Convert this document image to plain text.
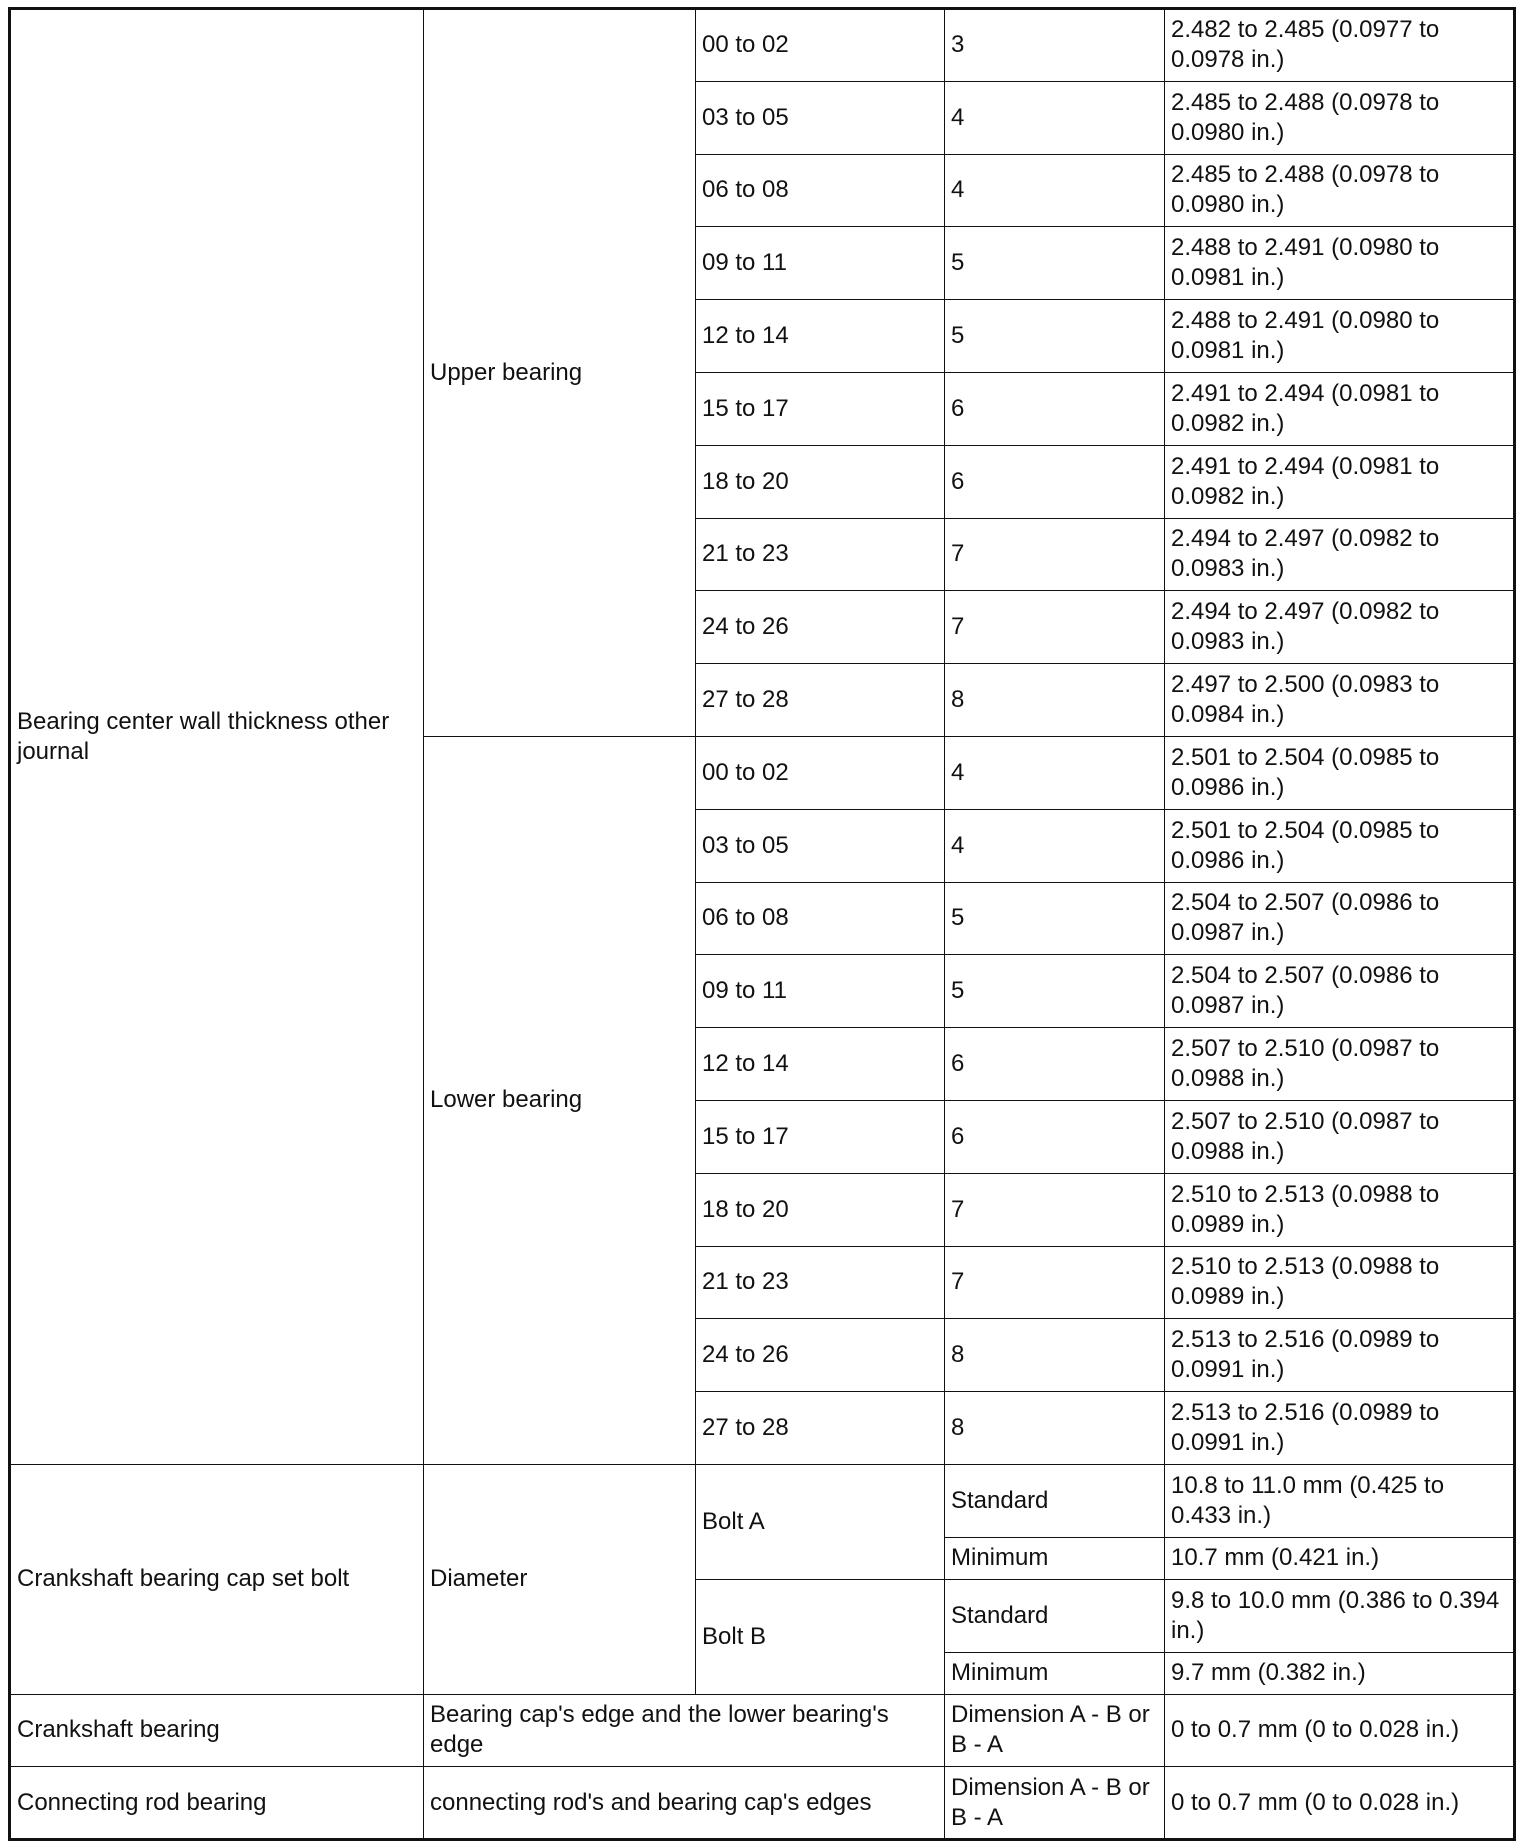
Bearing center wall thickness other journal	Upper bearing	00 to 02	3	2.482 to 2.485 (0.0977 to 0.0978 in.)
		03 to 05	4	2.485 to 2.488 (0.0978 to 0.0980 in.)
		06 to 08	4	2.485 to 2.488 (0.0978 to 0.0980 in.)
		09 to 11	5	2.488 to 2.491 (0.0980 to 0.0981 in.)
		12 to 14	5	2.488 to 2.491 (0.0980 to 0.0981 in.)
		15 to 17	6	2.491 to 2.494 (0.0981 to 0.0982 in.)
		18 to 20	6	2.491 to 2.494 (0.0981 to 0.0982 in.)
		21 to 23	7	2.494 to 2.497 (0.0982 to 0.0983 in.)
		24 to 26	7	2.494 to 2.497 (0.0982 to 0.0983 in.)
		27 to 28	8	2.497 to 2.500 (0.0983 to 0.0984 in.)
	Lower bearing	00 to 02	4	2.501 to 2.504 (0.0985 to 0.0986 in.)
		03 to 05	4	2.501 to 2.504 (0.0985 to 0.0986 in.)
		06 to 08	5	2.504 to 2.507 (0.0986 to 0.0987 in.)
		09 to 11	5	2.504 to 2.507 (0.0986 to 0.0987 in.)
		12 to 14	6	2.507 to 2.510 (0.0987 to 0.0988 in.)
		15 to 17	6	2.507 to 2.510 (0.0987 to 0.0988 in.)
		18 to 20	7	2.510 to 2.513 (0.0988 to 0.0989 in.)
		21 to 23	7	2.510 to 2.513 (0.0988 to 0.0989 in.)
		24 to 26	8	2.513 to 2.516 (0.0989 to 0.0991 in.)
		27 to 28	8	2.513 to 2.516 (0.0989 to 0.0991 in.)
Crankshaft bearing cap set bolt	Diameter	Bolt A	Standard	10.8 to 11.0 mm (0.425 to 0.433 in.)
			Minimum	10.7 mm (0.421 in.)
		Bolt B	Standard	9.8 to 10.0 mm (0.386 to 0.394 in.)
			Minimum	9.7 mm (0.382 in.)
Crankshaft bearing	Bearing cap's edge and the lower bearing's edge		Dimension A - B or B - A	0 to 0.7 mm (0 to 0.028 in.)
Connecting rod bearing	connecting rod's and bearing cap's edges		Dimension A - B or B - A	0 to 0.7 mm (0 to 0.028 in.)
